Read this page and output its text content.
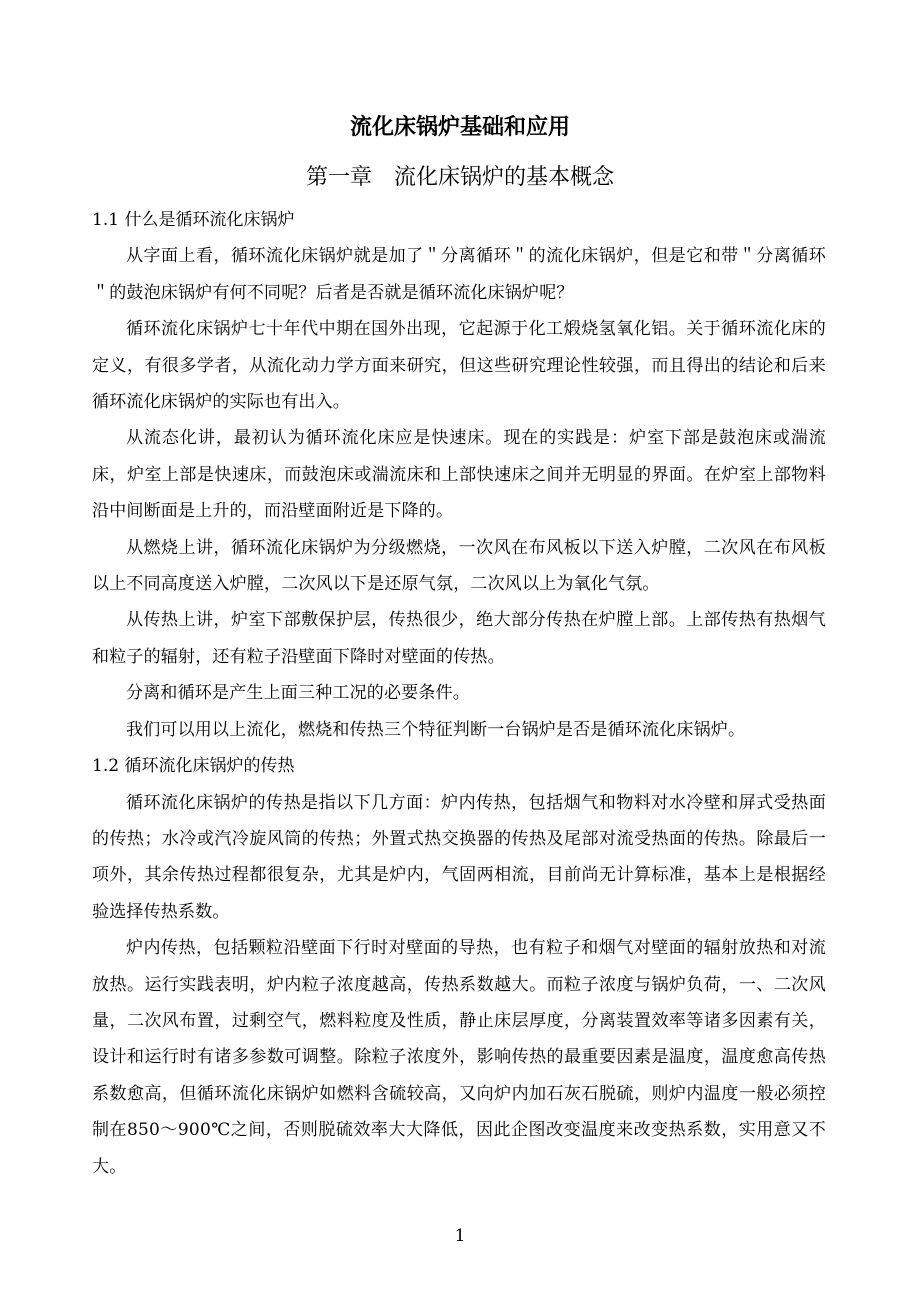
流化床锅炉基础和应用
第一章　流化床锅炉的基本概念
1.1 什么是循环流化床锅炉

从字面上看，循环流化床锅炉就是加了＂分离循环＂的流化床锅炉，但是它和带＂分离循环＂的鼓泡床锅炉有何不同呢？后者是否就是循环流化床锅炉呢？

循环流化床锅炉七十年代中期在国外出现，它起源于化工煅烧氢氧化铝。关于循环流化床的定义，有很多学者，从流化动力学方面来研究，但这些研究理论性较强，而且得出的结论和后来循环流化床锅炉的实际也有出入。

从流态化讲，最初认为循环流化床应是快速床。现在的实践是：炉室下部是鼓泡床或湍流床，炉室上部是快速床，而鼓泡床或湍流床和上部快速床之间并无明显的界面。在炉室上部物料沿中间断面是上升的，而沿壁面附近是下降的。

从燃烧上讲，循环流化床锅炉为分级燃烧，一次风在布风板以下送入炉膛，二次风在布风板以上不同高度送入炉膛，二次风以下是还原气氛，二次风以上为氧化气氛。

从传热上讲，炉室下部敷保护层，传热很少，绝大部分传热在炉膛上部。上部传热有热烟气和粒子的辐射，还有粒子沿壁面下降时对壁面的传热。

分离和循环是产生上面三种工况的必要条件。

我们可以用以上流化，燃烧和传热三个特征判断一台锅炉是否是循环流化床锅炉。

1.2 循环流化床锅炉的传热

循环流化床锅炉的传热是指以下几方面：炉内传热，包括烟气和物料对水冷壁和屏式受热面的传热；水冷或汽冷旋风筒的传热；外置式热交换器的传热及尾部对流受热面的传热。除最后一项外，其余传热过程都很复杂，尤其是炉内，气固两相流，目前尚无计算标准，基本上是根据经验选择传热系数。

炉内传热，包括颗粒沿壁面下行时对壁面的导热，也有粒子和烟气对壁面的辐射放热和对流放热。运行实践表明，炉内粒子浓度越高，传热系数越大。而粒子浓度与锅炉负荷，一、二次风量，二次风布置，过剩空气，燃料粒度及性质，静止床层厚度，分离装置效率等诸多因素有关，设计和运行时有诸多参数可调整。除粒子浓度外，影响传热的最重要因素是温度，温度愈高传热系数愈高，但循环流化床锅炉如燃料含硫较高，又向炉内加石灰石脱硫，则炉内温度一般必须控制在850～900℃之间，否则脱硫效率大大降低，因此企图改变温度来改变热系数，实用意又不大。

1
